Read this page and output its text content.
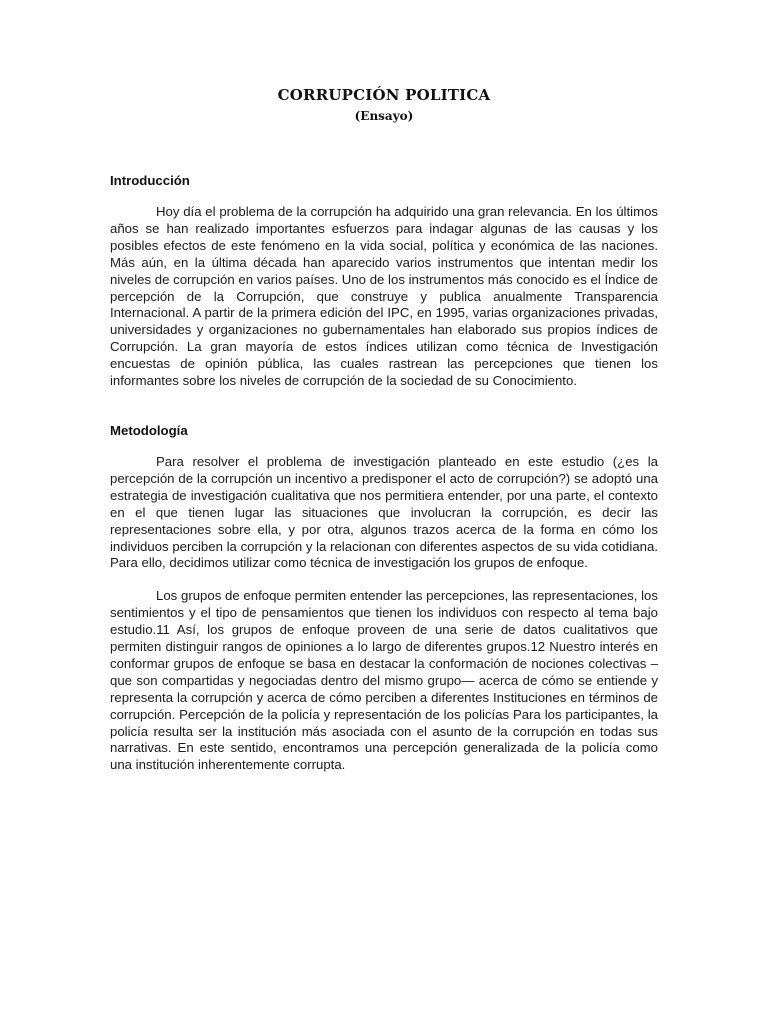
CORRUPCIÓN POLITICA
(Ensayo)
Introducción

Hoy día el problema de la corrupción ha adquirido una gran relevancia. En los últimos años se han realizado importantes esfuerzos para indagar algunas de las causas y los posibles efectos de este fenómeno en la vida social, política y económica de las naciones. Más aún, en la última década han aparecido varios instrumentos que intentan medir los niveles de corrupción en varios países. Uno de los instrumentos más conocido es el Índice de percepción de la Corrupción, que construye y publica anualmente Transparencia Internacional. A partir de la primera edición del IPC, en 1995, varias organizaciones privadas, universidades y organizaciones no gubernamentales han elaborado sus propios índices de Corrupción. La gran mayoría de estos índices utilizan como técnica de Investigación encuestas de opinión pública, las cuales rastrean las percepciones que tienen los informantes sobre los niveles de corrupción de la sociedad de su Conocimiento.

Metodología

Para resolver el problema de investigación planteado en este estudio (¿es la percepción de la corrupción un incentivo a predisponer el acto de corrupción?) se adoptó una estrategia de investigación cualitativa que nos permitiera entender, por una parte, el contexto en el que tienen lugar las situaciones que involucran la corrupción, es decir las representaciones sobre ella, y por otra, algunos trazos acerca de la forma en cómo los individuos perciben la corrupción y la relacionan con diferentes aspectos de su vida cotidiana. Para ello, decidimos utilizar como técnica de investigación los grupos de enfoque.

Los grupos de enfoque permiten entender las percepciones, las representaciones, los sentimientos y el tipo de pensamientos que tienen los individuos con respecto al tema bajo estudio.11 Así, los grupos de enfoque proveen de una serie de datos cualitativos que permiten distinguir rangos de opiniones a lo largo de diferentes grupos.12 Nuestro interés en conformar grupos de enfoque se basa en destacar la conformación de nociones colectivas –que son compartidas y negociadas dentro del mismo grupo— acerca de cómo se entiende y representa la corrupción y acerca de cómo perciben a diferentes Instituciones en términos de corrupción. Percepción de la policía y representación de los policías Para los participantes, la policía resulta ser la institución más asociada con el asunto de la corrupción en todas sus narrativas. En este sentido, encontramos una percepción generalizada de la policía como una institución inherentemente corrupta.
